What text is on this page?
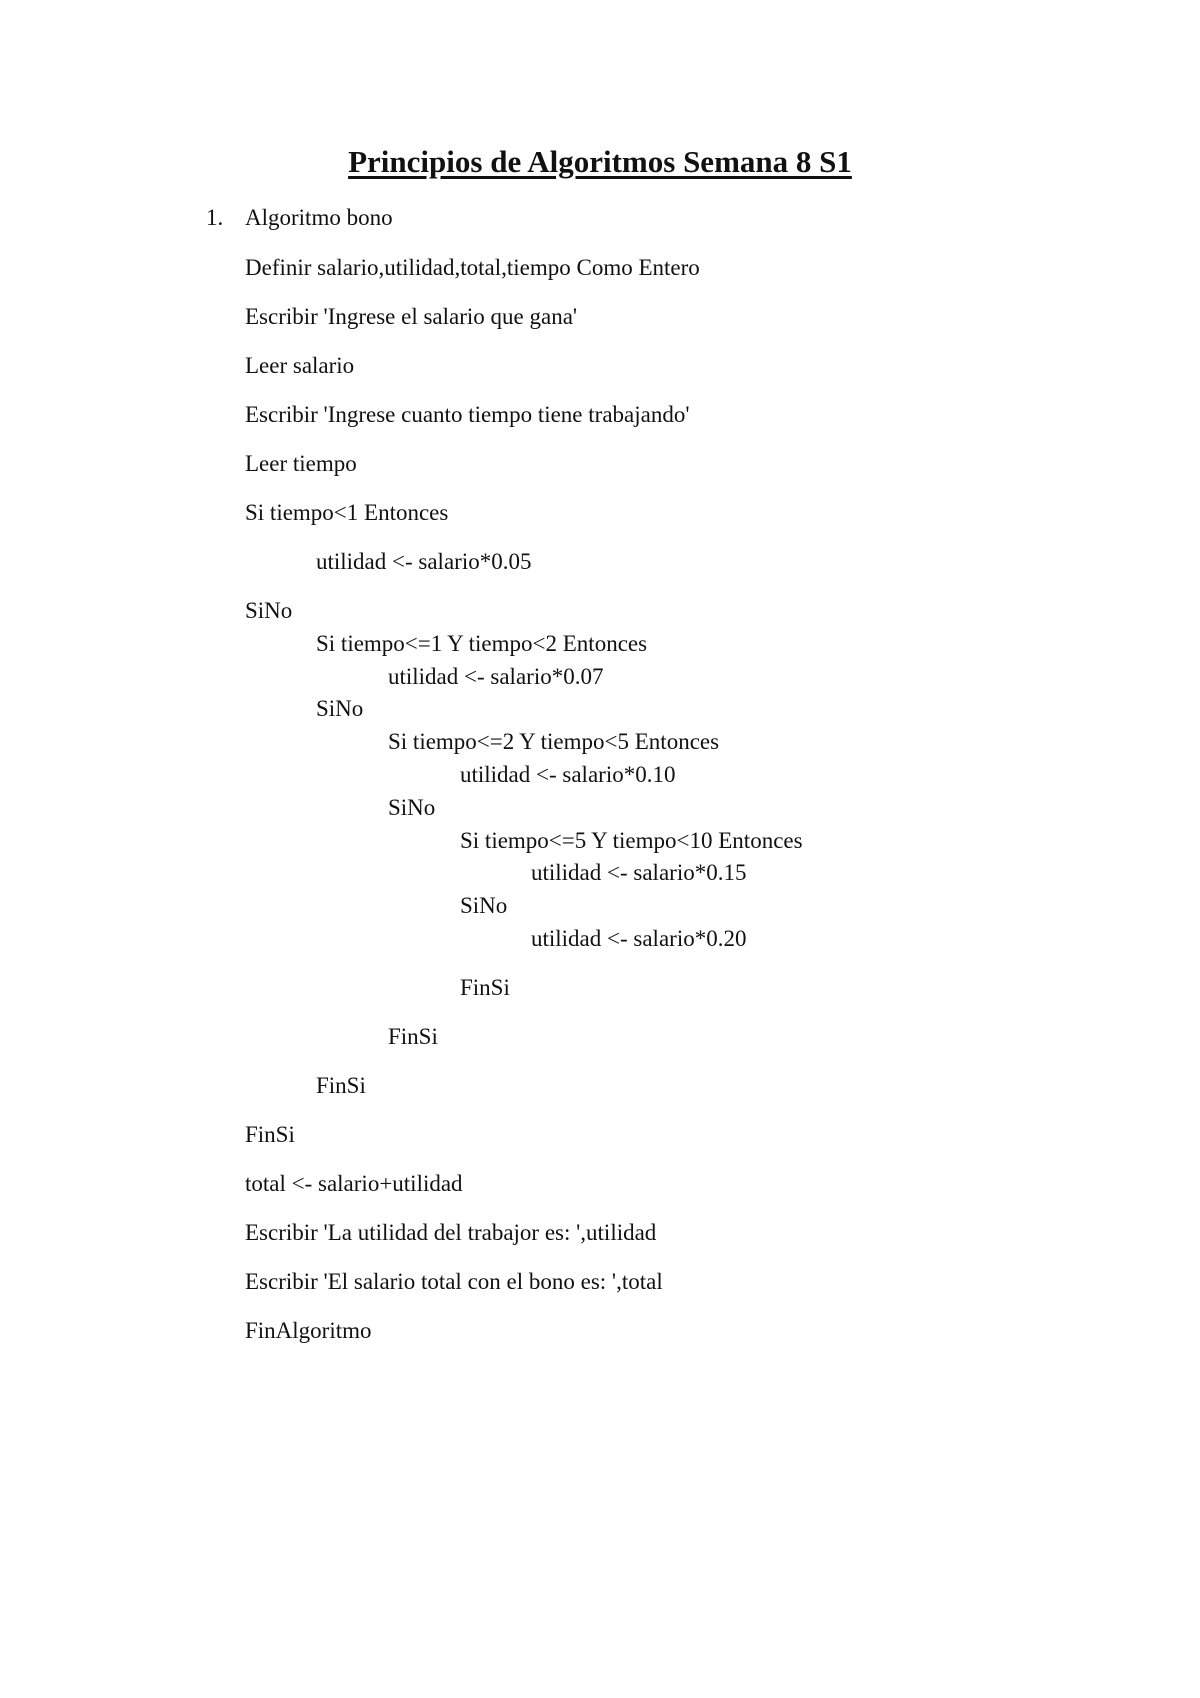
Principios de Algoritmos Semana 8 S1
1. Algoritmo bono
Definir salario,utilidad,total,tiempo Como Entero
Escribir 'Ingrese el salario que gana'
Leer salario
Escribir 'Ingrese cuanto tiempo tiene trabajando'
Leer tiempo
Si tiempo<1 Entonces
utilidad <- salario*0.05
SiNo
Si tiempo<=1 Y tiempo<2 Entonces
utilidad <- salario*0.07
SiNo
Si tiempo<=2 Y tiempo<5 Entonces
utilidad <- salario*0.10
SiNo
Si tiempo<=5 Y tiempo<10 Entonces
utilidad <- salario*0.15
SiNo
utilidad <- salario*0.20
FinSi
FinSi
FinSi
FinSi
total <- salario+utilidad
Escribir 'La utilidad del trabajor es: ',utilidad
Escribir 'El salario total con el bono es: ',total
FinAlgoritmo
